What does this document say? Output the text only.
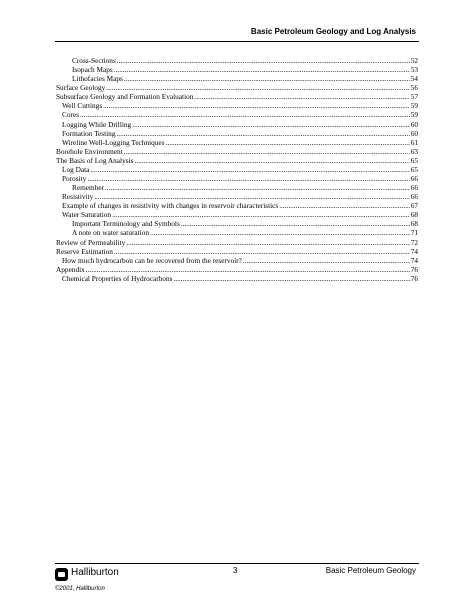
Basic Petroleum Geology and Log Analysis
Cross-Sections .....	52
Isopach Maps .....	53
Lithofacies Maps .....	54
Surface Geology .....	56
Subsurface Geology and Formation Evaluation .....	57
Well Cuttings .....	59
Cores .....	59
Logging While Drilling .....	60
Formation Testing .....	60
Wireline Well-Logging Techniques .....	61
Borehole Environment .....	63
The Basis of Log Analysis .....	65
Log Data .....	65
Porosity .....	66
Remember .....	66
Resistivity .....	66
Example of changes in resistivity with changes in reservoir characteristics .....	67
Water Saturation .....	68
Important Terminology and Symbols .....	68
A note on water saturation .....	71
Review of Permeability .....	72
Reserve Estimation .....	74
How much hydrocarbon can be recovered from the reservoir? .....	74
Appendix .....	76
Chemical Properties of Hydrocarbons .....	76
Halliburton
©2001, Halliburton
3	Basic Petroleum Geology
